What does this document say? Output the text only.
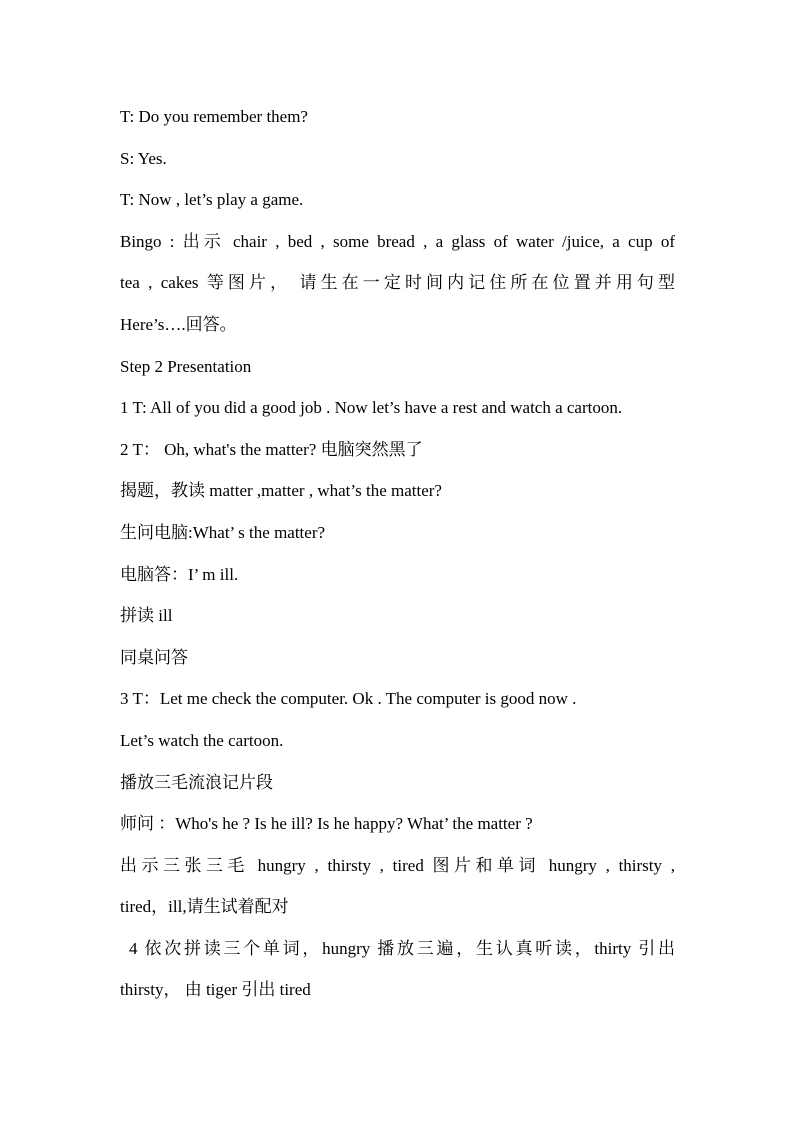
T: Do you remember them?
S: Yes.
T: Now , let’s play a game.
Bingo : 出示 chair , bed , some bread , a glass of water /juice, a cup of
tea , cakes 等图片， 请生在一定时间内记住所在位置并用句型
Here’s….回答。
Step 2 Presentation
1 T: All of you did a good job . Now let’s have a rest and watch a cartoon.
2 T： Oh, what's the matter? 电脑突然黑了
揭题，教读 matter ,matter , what’s the matter?
生问电脑:What’ s the matter?
电脑答：I’ m ill.
拼读 ill
同桌问答
3 T：Let me check the computer. Ok . The computer is good now .
Let’s watch the cartoon.
播放三毛流浪记片段
师问 ：Who's he ? Is he ill? Is he happy? What’ the matter ?
出示三张三毛 hungry , thirsty , tired 图片和单词 hungry , thirsty ,
tired，ill,请生试着配对
4 依次拼读三个单词，hungry 播放三遍，生认真听读，thirty 引出
thirsty， 由 tiger 引出 tired
